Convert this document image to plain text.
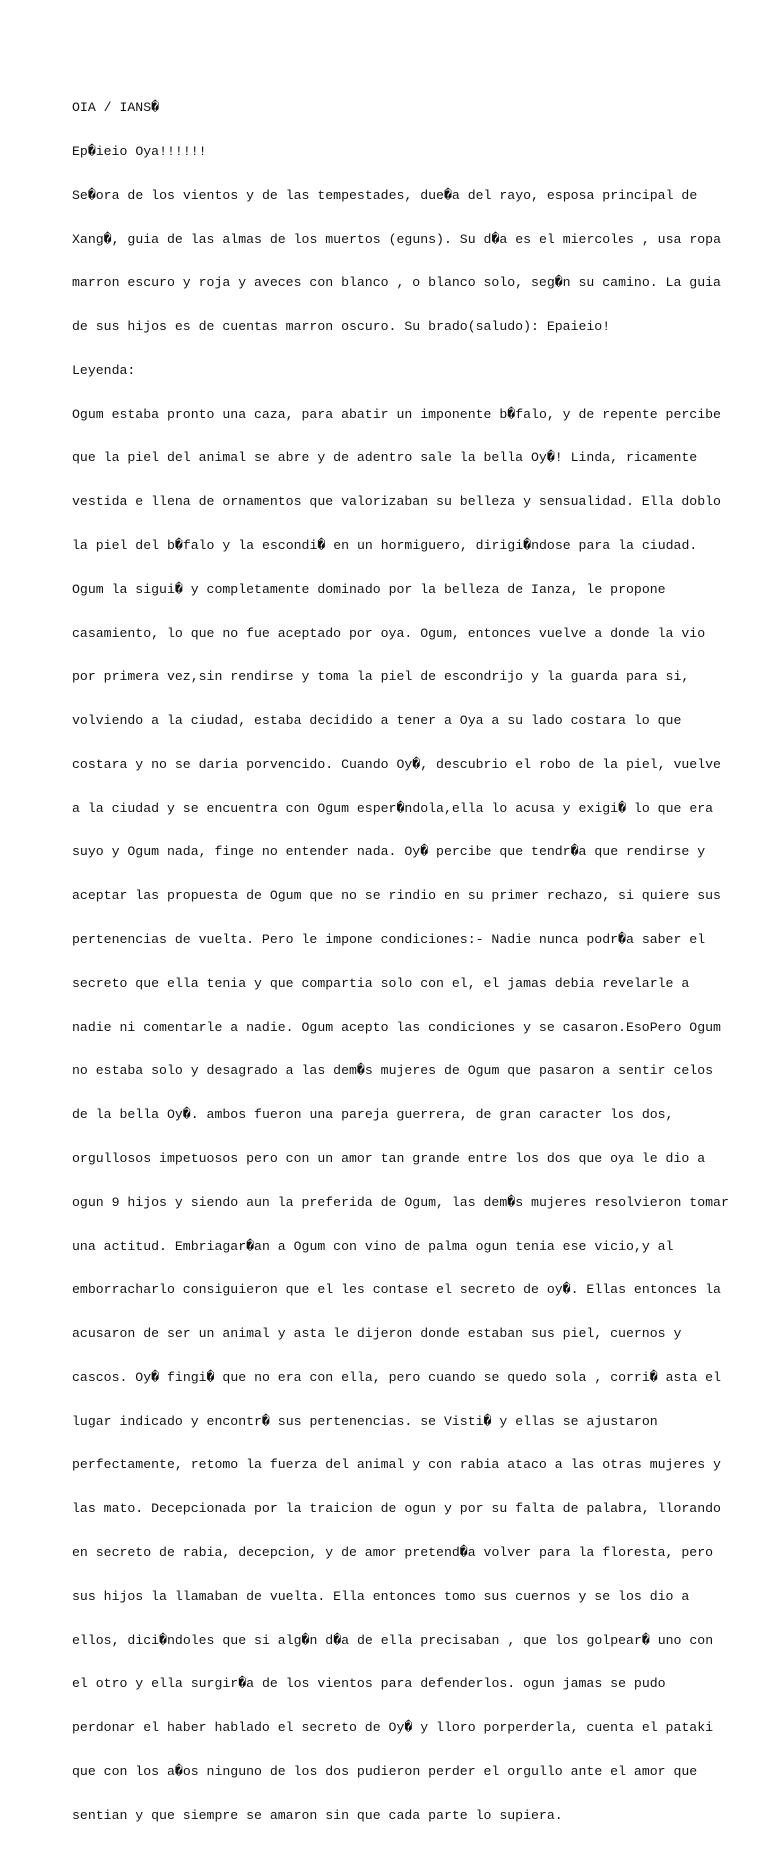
OIA / IANS�

Ep�ieio Oya!!!!!!

Se�ora de los vientos y de las tempestades, due�a del rayo, esposa principal de

Xang�, guia de las almas de los muertos (eguns). Su d�a es el miercoles , usa ropa

marron escuro y roja y aveces con blanco , o blanco solo, seg�n su camino. La guia

de sus hijos es de cuentas marron oscuro. Su brado(saludo): Epaieio!

Leyenda:

Ogum estaba pronto una caza, para abatir un imponente b�falo, y de repente percibe

que la piel del animal se abre y de adentro sale la bella Oy�! Linda, ricamente

vestida e llena de ornamentos que valorizaban su belleza y sensualidad. Ella doblo

la piel del b�falo y la escondi� en un hormiguero, dirigi�ndose para la ciudad.

Ogum la sigui� y completamente dominado por la belleza de Ianza, le propone

casamiento, lo que no fue aceptado por oya. Ogum, entonces vuelve a donde la vio

por primera vez,sin rendirse y toma la piel de escondrijo y la guarda para si,

volviendo a la ciudad, estaba decidido a tener a Oya a su lado costara lo que

costara y no se daria porvencido. Cuando Oy�, descubrio el robo de la piel, vuelve

a la ciudad y se encuentra con Ogum esper�ndola,ella lo acusa y exigi� lo que era

suyo y Ogum nada, finge no entender nada. Oy� percibe que tendr�a que rendirse y

aceptar las propuesta de Ogum que no se rindio en su primer rechazo, si quiere sus

pertenencias de vuelta. Pero le impone condiciones:- Nadie nunca podr�a saber el

secreto que ella tenia y que compartia solo con el, el jamas debia revelarle a

nadie ni comentarle a nadie. Ogum acepto las condiciones y se casaron.EsoPero Ogum

no estaba solo y desagrado a las dem�s mujeres de Ogum que pasaron a sentir celos

de la bella Oy�. ambos fueron una pareja guerrera, de gran caracter los dos,

orgullosos impetuosos pero con un amor tan grande entre los dos que oya le dio a

ogun 9 hijos y siendo aun la preferida de Ogum, las dem�s mujeres resolvieron tomar

una actitud. Embriagar�an a Ogum con vino de palma ogun tenia ese vicio,y al

emborracharlo consiguieron que el les contase el secreto de oy�. Ellas entonces la

acusaron de ser un animal y asta le dijeron donde estaban sus piel, cuernos y

cascos. Oy� fingi� que no era con ella, pero cuando se quedo sola , corri� asta el

lugar indicado y encontr� sus pertenencias. se Visti� y ellas se ajustaron

perfectamente, retomo la fuerza del animal y con rabia ataco a las otras mujeres y

las mato. Decepcionada por la traicion de ogun y por su falta de palabra, llorando

en secreto de rabia, decepcion, y de amor pretend�a volver para la floresta, pero

sus hijos la llamaban de vuelta. Ella entonces tomo sus cuernos y se los dio a

ellos, dici�ndoles que si alg�n d�a de ella precisaban , que los golpear� uno con

el otro y ella surgir�a de los vientos para defenderlos. ogun jamas se pudo

perdonar el haber hablado el secreto de Oy� y lloro porperderla, cuenta el pataki

que con los a�os ninguno de los dos pudieron perder el orgullo ante el amor que

sentian y que siempre se amaron sin que cada parte lo supiera.
